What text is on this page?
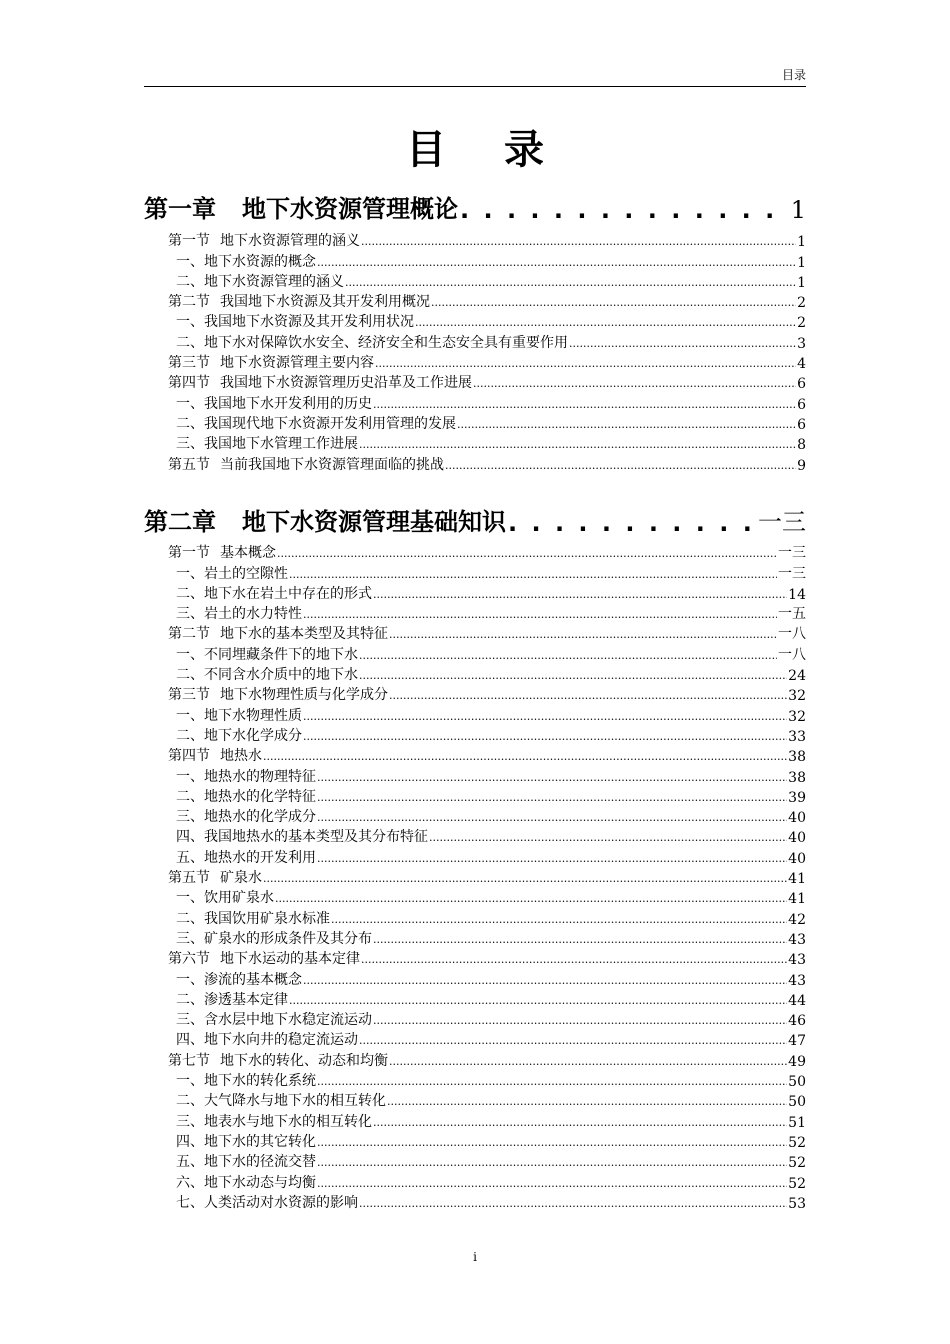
目录
目 录
第一章 地下水资源管理概论 . . .	1
第一节 地下水资源管理的涵义 .....	1
一、地下水资源的概念 .....	1
二、地下水资源管理的涵义 .....	1
第二节 我国地下水资源及其开发利用概况 .....	2
一、我国地下水资源及其开发利用状况 .....	2
二、地下水对保障饮水安全、经济安全和生态安全具有重要作用 .....	3
第三节 地下水资源管理主要内容 .....	4
第四节 我国地下水资源管理历史沿革及工作进展 .....	6
一、我国地下水开发利用的历史 .....	6
二、我国现代地下水资源开发利用管理的发展 .....	6
三、我国地下水管理工作进展 .....	8
第五节 当前我国地下水资源管理面临的挑战 .....	9
第二章 地下水资源管理基础知识 . . .	一三
第一节 基本概念 .....	一三
一、岩土的空隙性 .....	一三
二、地下水在岩土中存在的形式 .....	14
三、岩土的水力特性 .....	一五
第二节 地下水的基本类型及其特征 .....	一八
一、不同埋藏条件下的地下水 .....	一八
二、不同含水介质中的地下水 .....	24
第三节 地下水物理性质与化学成分 .....	32
一、地下水物理性质 .....	32
二、地下水化学成分 .....	33
第四节 地热水 .....	38
一、地热水的物理特征 .....	38
二、地热水的化学特征 .....	39
三、地热水的化学成分 .....	40
四、我国地热水的基本类型及其分布特征 .....	40
五、地热水的开发利用 .....	40
第五节 矿泉水 .....	41
一、饮用矿泉水 .....	41
二、我国饮用矿泉水标准 .....	42
三、矿泉水的形成条件及其分布 .....	43
第六节 地下水运动的基本定律 .....	43
一、渗流的基本概念 .....	43
二、渗透基本定律 .....	44
三、含水层中地下水稳定流运动 .....	46
四、地下水向井的稳定流运动 .....	47
第七节 地下水的转化、动态和均衡 .....	49
一、地下水的转化系统 .....	50
二、大气降水与地下水的相互转化 .....	50
三、地表水与地下水的相互转化 .....	51
四、地下水的其它转化 .....	52
五、地下水的径流交替 .....	52
六、地下水动态与均衡 .....	52
七、人类活动对水资源的影响 .....	53
i
